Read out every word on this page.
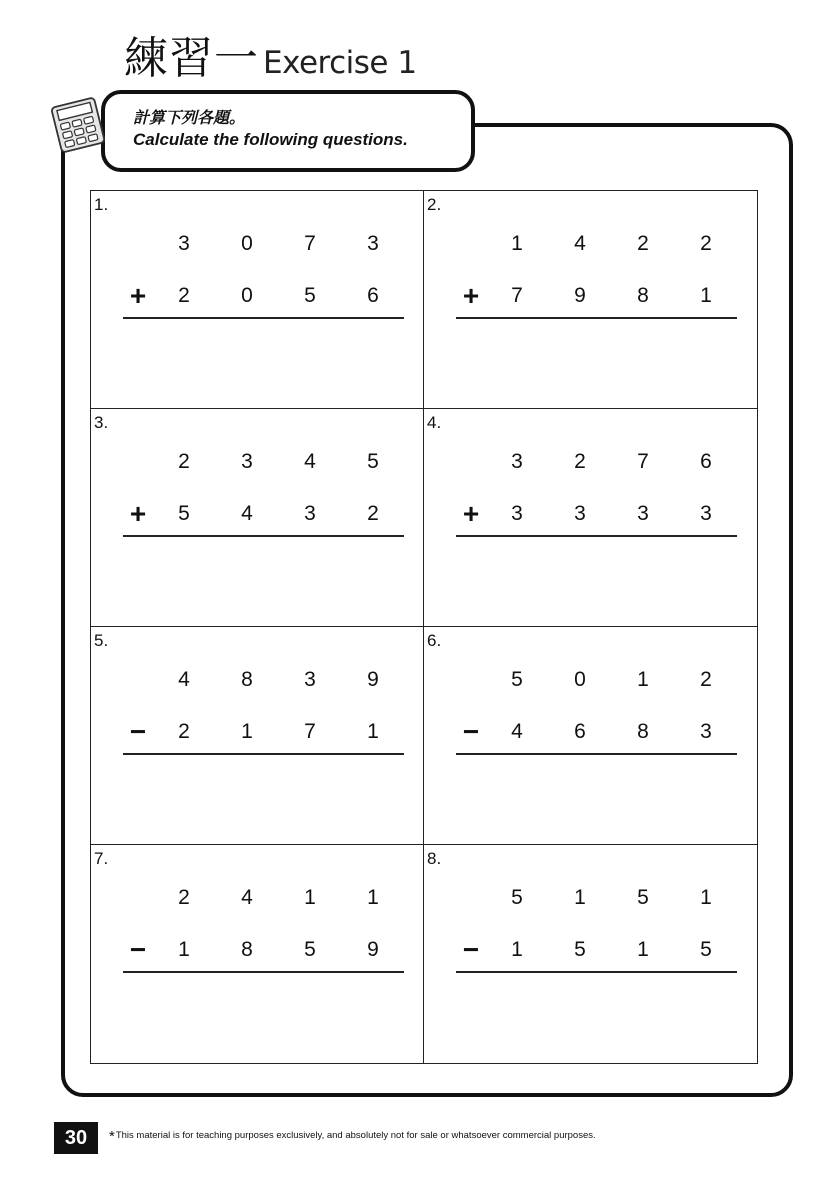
練習一 Exercise 1
計算下列各題。
Calculate the following questions.
1.
3	0	7	3
+	2	0	5	6
2.
1	4	2	2
+	7	9	8	1
3.
2	3	4	5
+	5	4	3	2
4.
3	2	7	6
+	3	3	3	3
5.
4	8	3	9
−	2	1	7	1
6.
5	0	1	2
−	4	6	8	3
7.
2	4	1	1
−	1	8	5	9
8.
5	1	5	1
−	1	5	1	5
30	*This material is for teaching purposes exclusively, and absolutely not for sale or whatsoever commercial purposes.
